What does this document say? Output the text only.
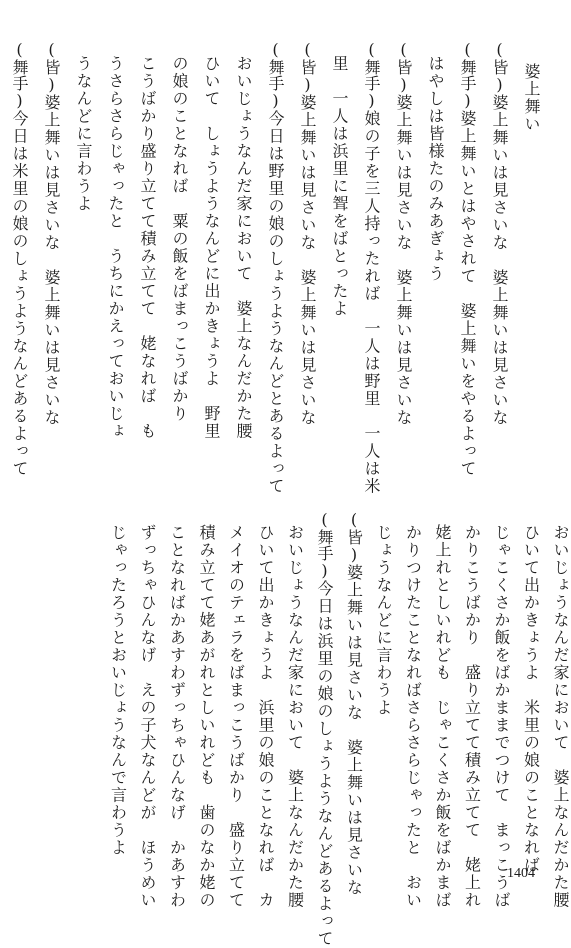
婆上舞い
(皆)婆上舞いは見さいな　婆上舞いは見さいな
(舞手)婆上舞いとはやされて　婆上舞いをやるよって
はやしは皆様たのみあぎょう
(皆)婆上舞いは見さいな　婆上舞いは見さいな
(舞手)娘の子を三人持ったれば　一人は野里　一人は米
里　一人は浜里に聟をばとったよ
(皆)婆上舞いは見さいな　婆上舞いは見さいな
(舞手)今日は野里の娘のしょうようなんどとあるよって
おいじょうなんだ家において　婆上なんだかた腰
ひいて　しょうようなんどに出かきょうよ　野里
の娘のことなれば　粟の飯をばまっこうばかり
こうばかり盛り立てて積み立てて　姥なれば　も
うさらさらじゃったと　うちにかえっておいじょ
うなんどに言わうよ
(皆)婆上舞いは見さいな　婆上舞いは見さいな
(舞手)今日は米里の娘のしょうようなんどあるよって
おいじょうなんだ家において　婆上なんだかた腰
ひいて出かきょうよ　米里の娘のことなれば
じゃこくさか飯をばかままでつけて　まっこうば
かりこうばかり　盛り立てて積み立てて　姥上れ
姥上れとしいれども　じゃこくさか飯をばかまば
かりつけたことなればさらさらじゃったと　おい
じょうなんどに言わうよ
(皆)婆上舞いは見さいな　婆上舞いは見さいな
(舞手)今日は浜里の娘のしょうようなんどあるよって
おいじょうなんだ家において　婆上なんだかた腰
ひいて出かきょうよ　浜里の娘のことなれば　カ
メイオのテェラをばまっこうばかり　盛り立てて
積み立てて姥あがれとしいれども　歯のなか姥の
ことなればかあすわずっちゃひんなげ　かあすわ
ずっちゃひんなげ　えの子犬なんどが　ほうめい
じゃったろうとおいじょうなんで言わうよ
1404
